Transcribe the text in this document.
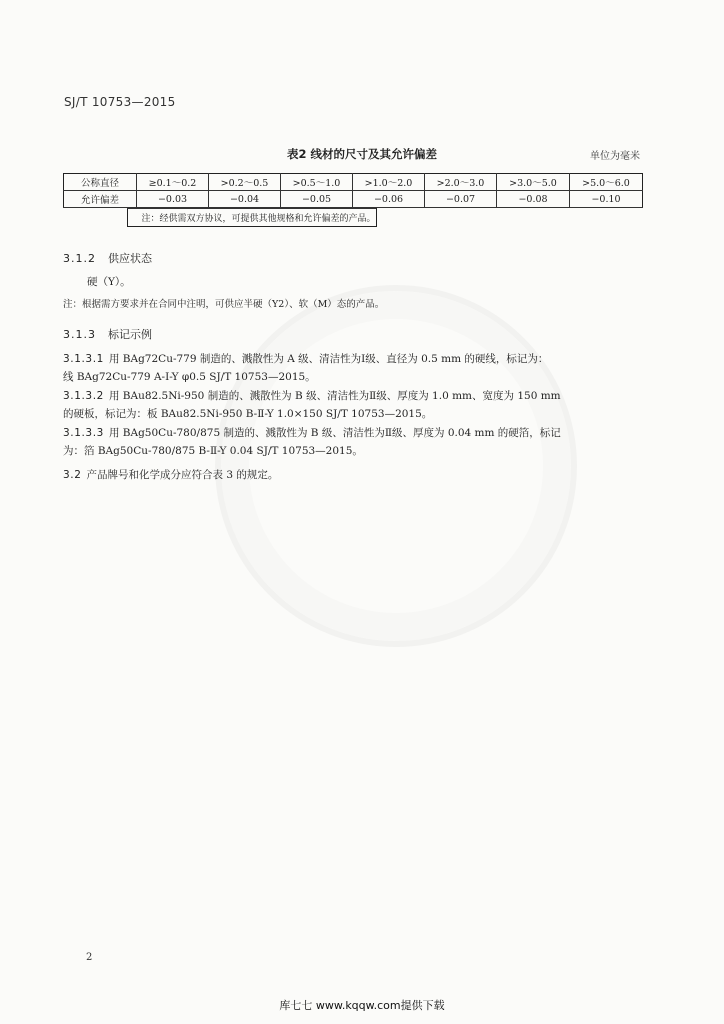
SJ/T 10753—2015
表2 线材的尺寸及其允许偏差	单位为毫米
公称直径	≥0.1～0.2	>0.2～0.5	>0.5～1.0	>1.0～2.0	>2.0～3.0	>3.0～5.0	>5.0～6.0
允许偏差	−0.03	−0.04	−0.05	−0.06	−0.07	−0.08	−0.10

注：经供需双方协议，可提供其他规格和允许偏差的产品。
3.1.2 供应状态
硬（Y）。
注：根据需方要求并在合同中注明，可供应半硬（Y2）、软（M）态的产品。
3.1.3 标记示例
3.1.3.1 用 BAg72Cu-779 制造的、溅散性为 A 级、清洁性为Ⅰ级、直径为 0.5 mm 的硬线，标记为：
线 BAg72Cu-779 A-Ⅰ-Y φ0.5 SJ/T 10753—2015。
3.1.3.2 用 BAu82.5Ni-950 制造的、溅散性为 B 级、清洁性为Ⅱ级、厚度为 1.0 mm、宽度为 150 mm
的硬板，标记为：板 BAu82.5Ni-950 B-Ⅱ-Y 1.0×150 SJ/T 10753—2015。
3.1.3.3 用 BAg50Cu-780/875 制造的、溅散性为 B 级、清洁性为Ⅱ级、厚度为 0.04 mm 的硬箔，标记
为：箔 BAg50Cu-780/875 B-Ⅱ-Y 0.04 SJ/T 10753—2015。
3.2 产品牌号和化学成分应符合表 3 的规定。
2
库七七 www.kqqw.com提供下载
